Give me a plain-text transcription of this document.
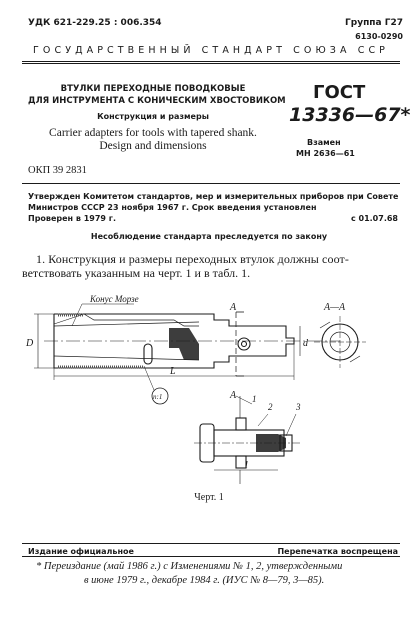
УДК 621-229.25 : 006.354	Группа Г27
6130-0290
ГОСУДАРСТВЕННЫЙ СТАНДАРТ СОЮЗА ССР
ВТУЛКИ ПЕРЕХОДНЫЕ ПОВОДКОВЫЕ
ДЛЯ ИНСТРУМЕНТА С КОНИЧЕСКИМ ХВОСТОВИКОМ
Конструкция и размеры
Carrier adapters for tools with tapered shank.
Design and dimensions
ГОСТ
13336—67*
Взамен
МН 2636—61
ОКП 39 2831
Утвержден Комитетом стандартов, мер и измерительных приборов при Совете
Министров СССР 23 ноября 1967 г. Срок введения установлен
Проверен в 1979 г.	с 01.07.68
Несоблюдение стандарта преследуется по закону
1. Конструкция и размеры переходных втулок должны соот-
ветствовать указанным на черт. 1 и в табл. 1.
Конус Морзе
D	d
L
l
А
А
А—А
n:1	1
2	3
Черт. 1
Издание официальное	Перепечатка воспрещена
* Переиздание (май 1986 г.) с Изменениями № 1, 2, утвержденными
в июне 1979 г., декабре 1984 г. (ИУС № 8—79, 3—85).
